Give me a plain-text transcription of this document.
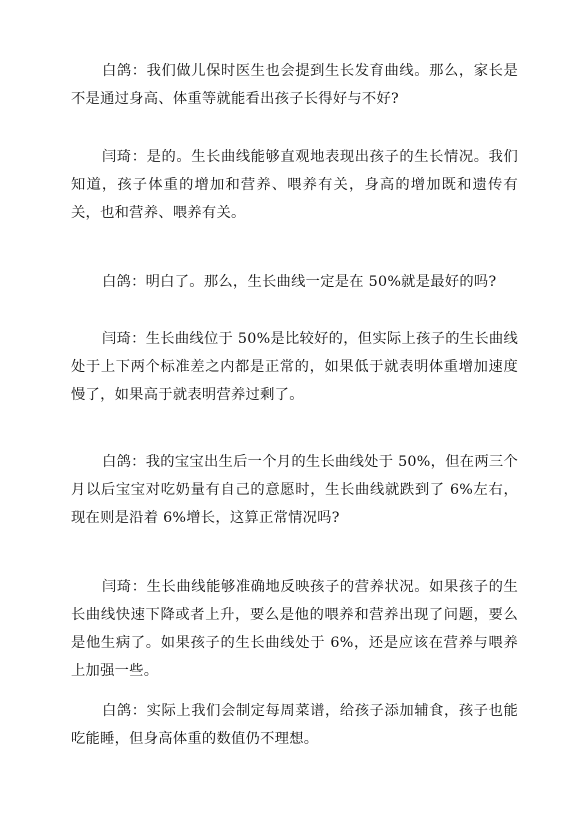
白鸽：我们做儿保时医生也会提到生长发育曲线。那么，家长是不是通过身高、体重等就能看出孩子长得好与不好?

闫琦：是的。生长曲线能够直观地表现出孩子的生长情况。我们知道，孩子体重的增加和营养、喂养有关，身高的增加既和遗传有关，也和营养、喂养有关。

白鸽：明白了。那么，生长曲线一定是在 50%就是最好的吗?

闫琦：生长曲线位于 50%是比较好的，但实际上孩子的生长曲线处于上下两个标准差之内都是正常的，如果低于就表明体重增加速度慢了，如果高于就表明营养过剩了。

白鸽：我的宝宝出生后一个月的生长曲线处于 50%，但在两三个月以后宝宝对吃奶量有自己的意愿时，生长曲线就跌到了 6%左右，现在则是沿着 6%增长，这算正常情况吗?

闫琦：生长曲线能够准确地反映孩子的营养状况。如果孩子的生长曲线快速下降或者上升，要么是他的喂养和营养出现了问题，要么是他生病了。如果孩子的生长曲线处于 6%，还是应该在营养与喂养上加强一些。

白鸽：实际上我们会制定每周菜谱，给孩子添加辅食，孩子也能吃能睡，但身高体重的数值仍不理想。
